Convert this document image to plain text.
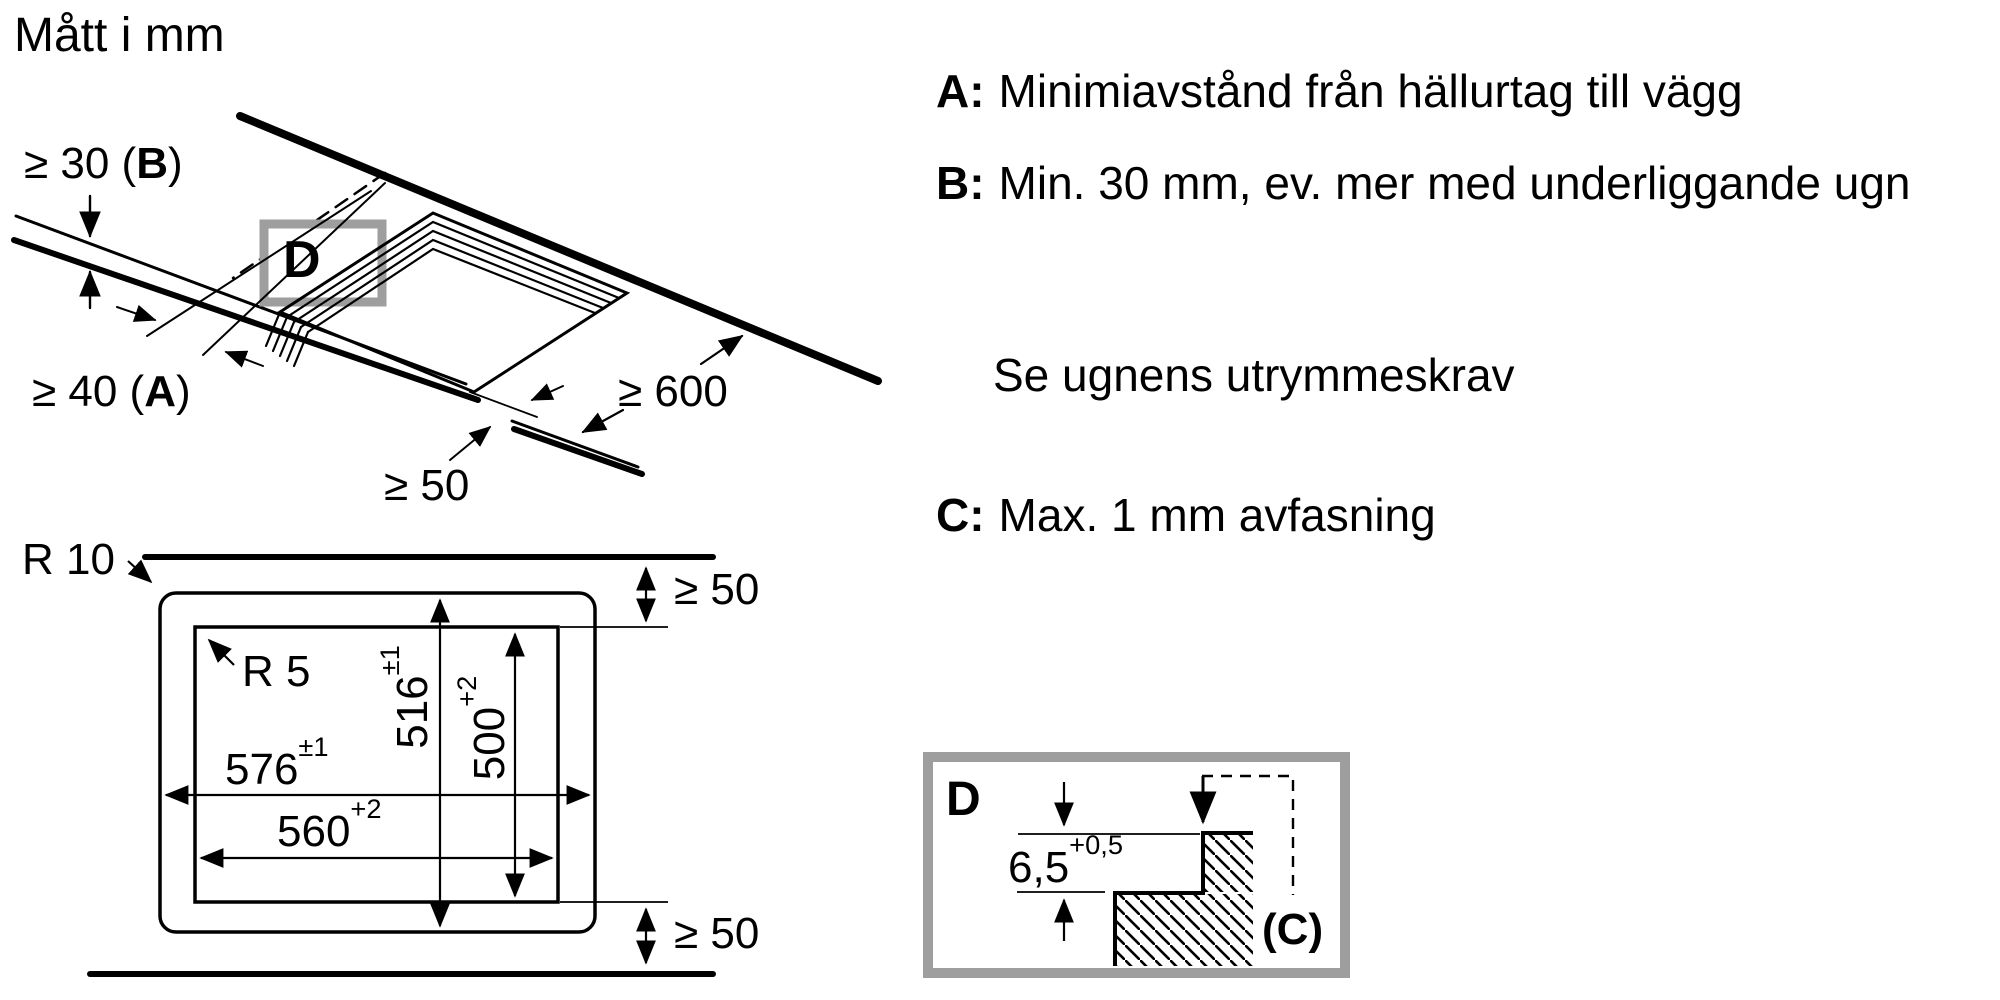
Mått i mm
≥ 30 (B)
≥ 40 (A)	≥ 600
≥ 50
D
A: Minimiavstånd från hällurtag till vägg
B: Min. 30 mm, ev. mer med underliggande ugn
Se ugnens utrymmeskrav
C: Max. 1 mm avfasning
R 10
R 5
$576^{\pm 1}$
$560^{+2}$
$516^{\pm 1}$
$500^{+2}$
≥ 50
≥ 50
D
$6,5^{+0,5}$
(C)
